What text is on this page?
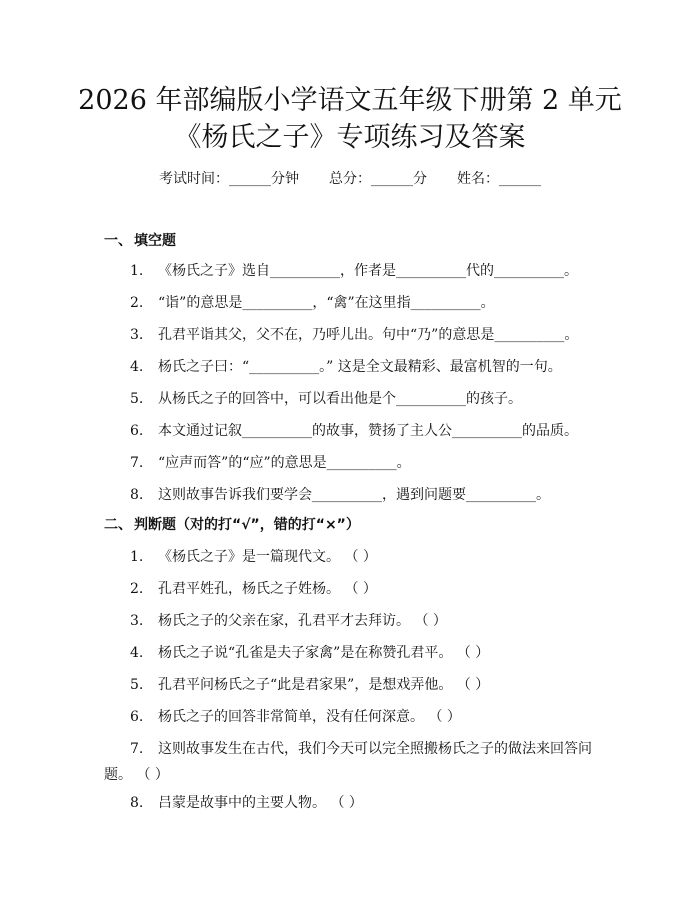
2026 年部编版小学语文五年级下册第 2 单元
《杨氏之子》专项练习及答案
考试时间：______分钟 总分：______分 姓名：______
一、 填空题
1. 《杨氏之子》选自__________，作者是__________代的__________。
2. “诣”的意思是__________，“禽”在这里指__________。
3. 孔君平诣其父，父不在，乃呼儿出。句中“乃”的意思是__________。
4. 杨氏之子曰：“__________。” 这是全文最精彩、最富机智的一句。
5. 从杨氏之子的回答中，可以看出他是个__________的孩子。
6. 本文通过记叙__________的故事，赞扬了主人公__________的品质。
7. “应声而答”的“应”的意思是__________。
8. 这则故事告诉我们要学会__________，遇到问题要__________。
二、 判断题（对的打“√”，错的打“×”）
1. 《杨氏之子》是一篇现代文。 （ ）
2. 孔君平姓孔，杨氏之子姓杨。 （ ）
3. 杨氏之子的父亲在家，孔君平才去拜访。 （ ）
4. 杨氏之子说“孔雀是夫子家禽”是在称赞孔君平。 （ ）
5. 孔君平问杨氏之子“此是君家果”，是想戏弄他。 （ ）
6. 杨氏之子的回答非常简单，没有任何深意。 （ ）
7. 这则故事发生在古代，我们今天可以完全照搬杨氏之子的做法来回答问题。 （ ）
8. 吕蒙是故事中的主要人物。 （ ）
